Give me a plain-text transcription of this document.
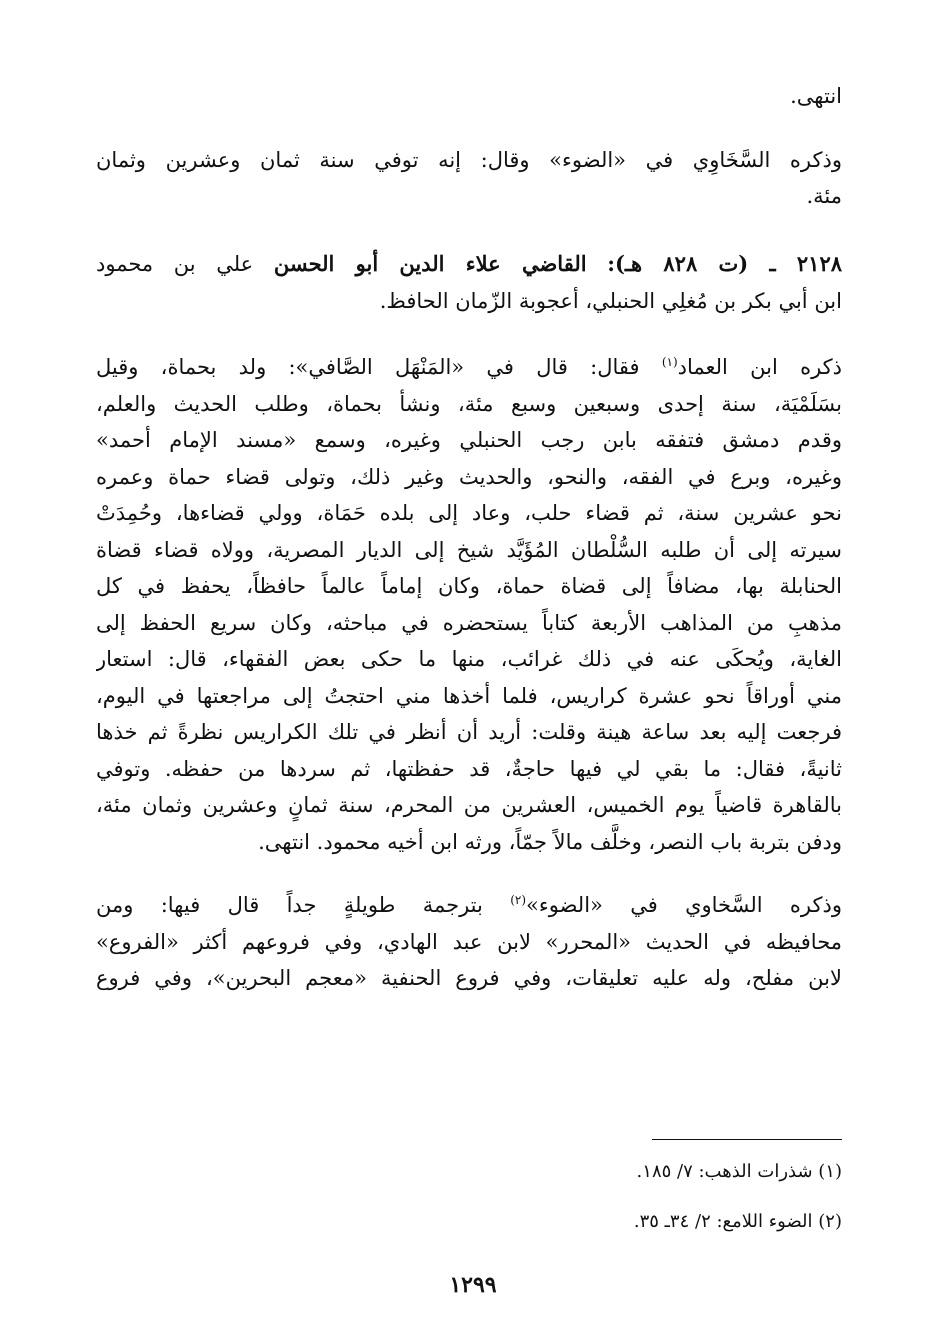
انتهى.
وذكره السَّخَاوِي في «الضوء» وقال: إنه توفي سنة ثمان وعشرين وثمان
مئة.
٢١٢٨ ـ (ت ٨٢٨ هـ): القاضي علاء الدين أبو الحسن علي بن محمود
ابن أبي بكر بن مُغلِي الحنبلي، أعجوبة الزّمان الحافظ.
ذكره ابن العماد$^{(١)}$ فقال: قال في «المَنْهَل الصَّافي»: ولد بحماة، وقيل
بسَلَمْيَة، سنة إحدى وسبعين وسبع مئة، ونشأ بحماة، وطلب الحديث والعلم،
وقدم دمشق فتفقه بابن رجب الحنبلي وغيره، وسمع «مسند الإمام أحمد»
وغيره، وبرع في الفقه، والنحو، والحديث وغير ذلك، وتولى قضاء حماة وعمره
نحو عشرين سنة، ثم قضاء حلب، وعاد إلى بلده حَمَاة، وولي قضاءها، وحُمِدَتْ
سيرته إلى أن طلبه السُّلْطان المُؤَيَّد شيخ إلى الديار المصرية، وولاه قضاء قضاة
الحنابلة بها، مضافاً إلى قضاة حماة، وكان إماماً عالماً حافظاً، يحفظ في كل
مذهبِ من المذاهب الأربعة كتاباً يستحضره في مباحثه، وكان سريع الحفظ إلى
الغاية، ويُحكَى عنه في ذلك غرائب، منها ما حكى بعض الفقهاء، قال: استعار
مني أوراقاً نحو عشرة كراريس، فلما أخذها مني احتجتُ إلى مراجعتها في اليوم،
فرجعت إليه بعد ساعة هينة وقلت: أريد أن أنظر في تلك الكراريس نظرةً ثم خذها
ثانيةً، فقال: ما بقي لي فيها حاجةٌ، قد حفظتها، ثم سردها من حفظه. وتوفي
بالقاهرة قاضياً يوم الخميس، العشرين من المحرم، سنة ثمانٍ وعشرين وثمان مئة،
ودفن بتربة باب النصر، وخلَّف مالاً جمّاً، ورثه ابن أخيه محمود. انتهى.
وذكره السَّخاوي في «الضوء»$^{(٢)}$ بترجمة طويلةٍ جداً قال فيها: ومن
محافيظه في الحديث «المحرر» لابن عبد الهادي، وفي فروعهم أكثر «الفروع»
لابن مفلح، وله عليه تعليقات، وفي فروع الحنفية «معجم البحرين»، وفي فروع
(١) شذرات الذهب: ٧/ ١٨٥.
(٢) الضوء اللامع: ٢/ ٣٤ـ ٣٥.
١٢٩٩
